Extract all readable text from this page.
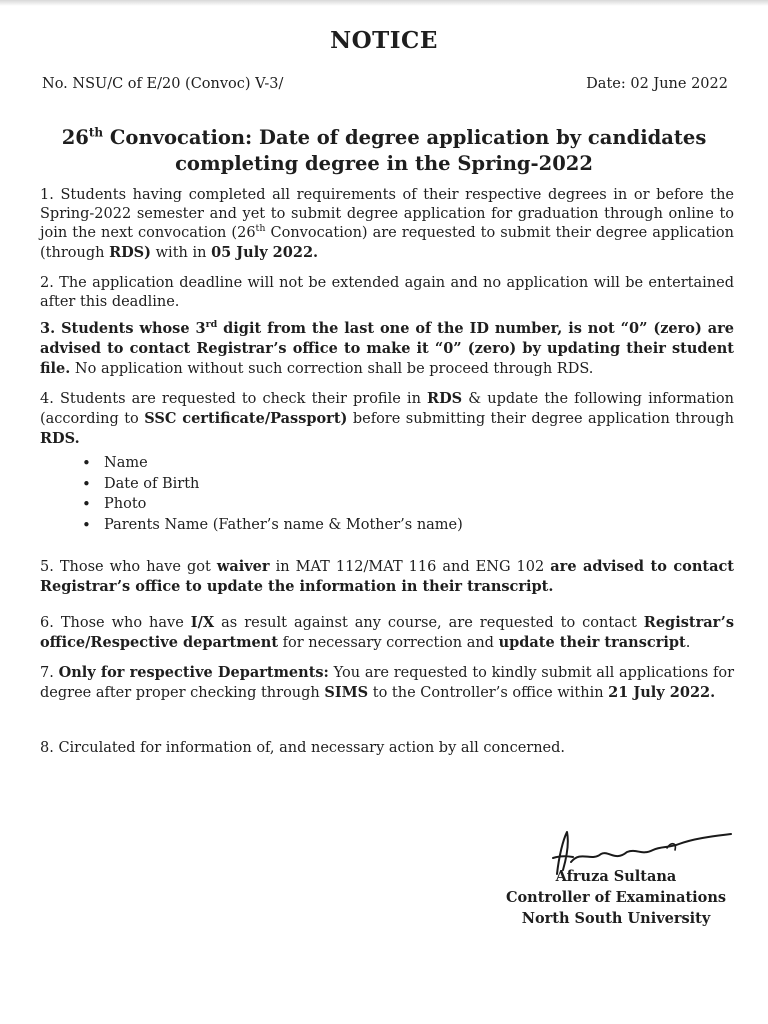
NOTICE
No. NSU/C of E/20 (Convoc) V-3/	Date: 02 June 2022
26th Convocation: Date of degree application by candidates
completing degree in the Spring-2022

1. Students having completed all requirements of their respective degrees in or before the Spring-2022 semester and yet to submit degree application for graduation through online to join the next convocation (26th Convocation) are requested to submit their degree application (through RDS) with in 05 July 2022.

2. The application deadline will not be extended again and no application will be entertained after this deadline.

3. Students whose 3rd digit from the last one of the ID number, is not “0” (zero) are advised to contact Registrar’s office to make it “0” (zero) by updating their student file. No application without such correction shall be proceed through RDS.

4. Students are requested to check their profile in RDS & update the following information (according to SSC certificate/Passport) before submitting their degree application through RDS.

• Name
• Date of Birth
• Photo
• Parents Name (Father’s name & Mother’s name)

5. Those who have got waiver in MAT 112/MAT 116 and ENG 102 are advised to contact Registrar’s office to update the information in their transcript.

6. Those who have I/X as result against any course, are requested to contact Registrar’s office/Respective department for necessary correction and update their transcript.

7. Only for respective Departments: You are requested to kindly submit all applications for degree after proper checking through SIMS to the Controller’s office within 21 July 2022.

8. Circulated for information of, and necessary action by all concerned.

Afruza Sultana
Controller of Examinations
North South University
